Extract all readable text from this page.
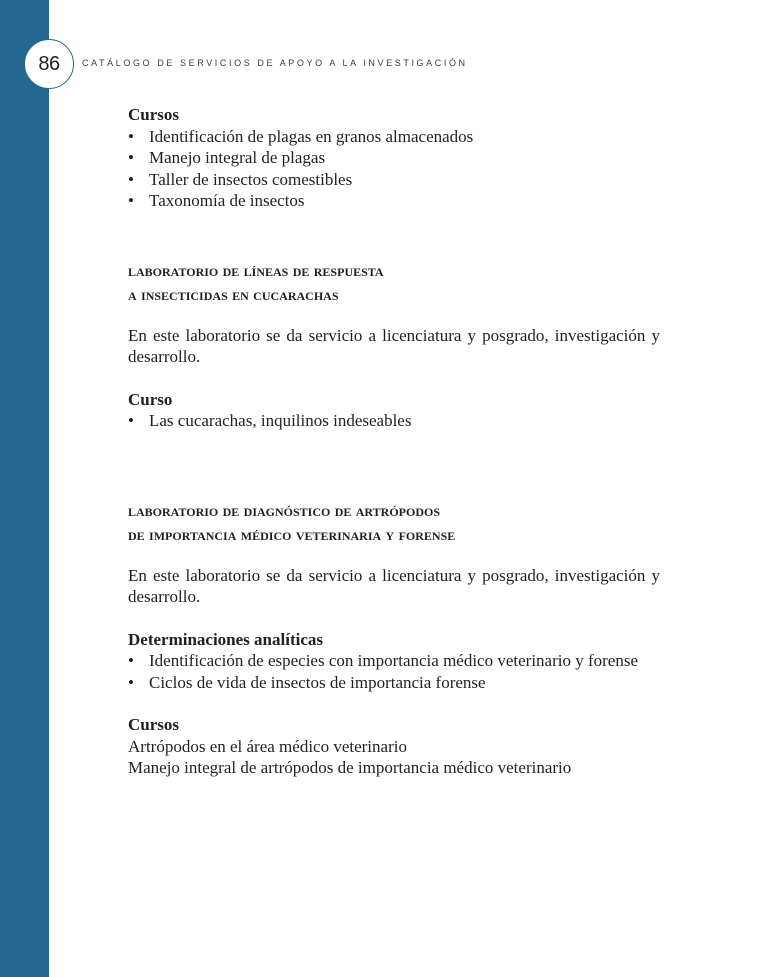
86 CATÁLOGO DE SERVICIOS DE APOYO A LA INVESTIGACIÓN

Cursos

• Identificación de plagas en granos almacenados
• Manejo integral de plagas
• Taller de insectos comestibles
• Taxonomía de insectos
laboratorio de líneas de respuesta
a insecticidas en cucarachas

En este laboratorio se da servicio a licenciatura y posgrado, investigación y desarrollo.

Curso

• Las cucarachas, inquilinos indeseables
laboratorio de diagnóstico de artrópodos
de importancia médico veterinaria y forense

En este laboratorio se da servicio a licenciatura y posgrado, investigación y desarrollo.

Determinaciones analíticas

• Identificación de especies con importancia médico veterinario y forense
• Ciclos de vida de insectos de importancia forense

Cursos

Artrópodos en el área médico veterinario

Manejo integral de artrópodos de importancia médico veterinario
